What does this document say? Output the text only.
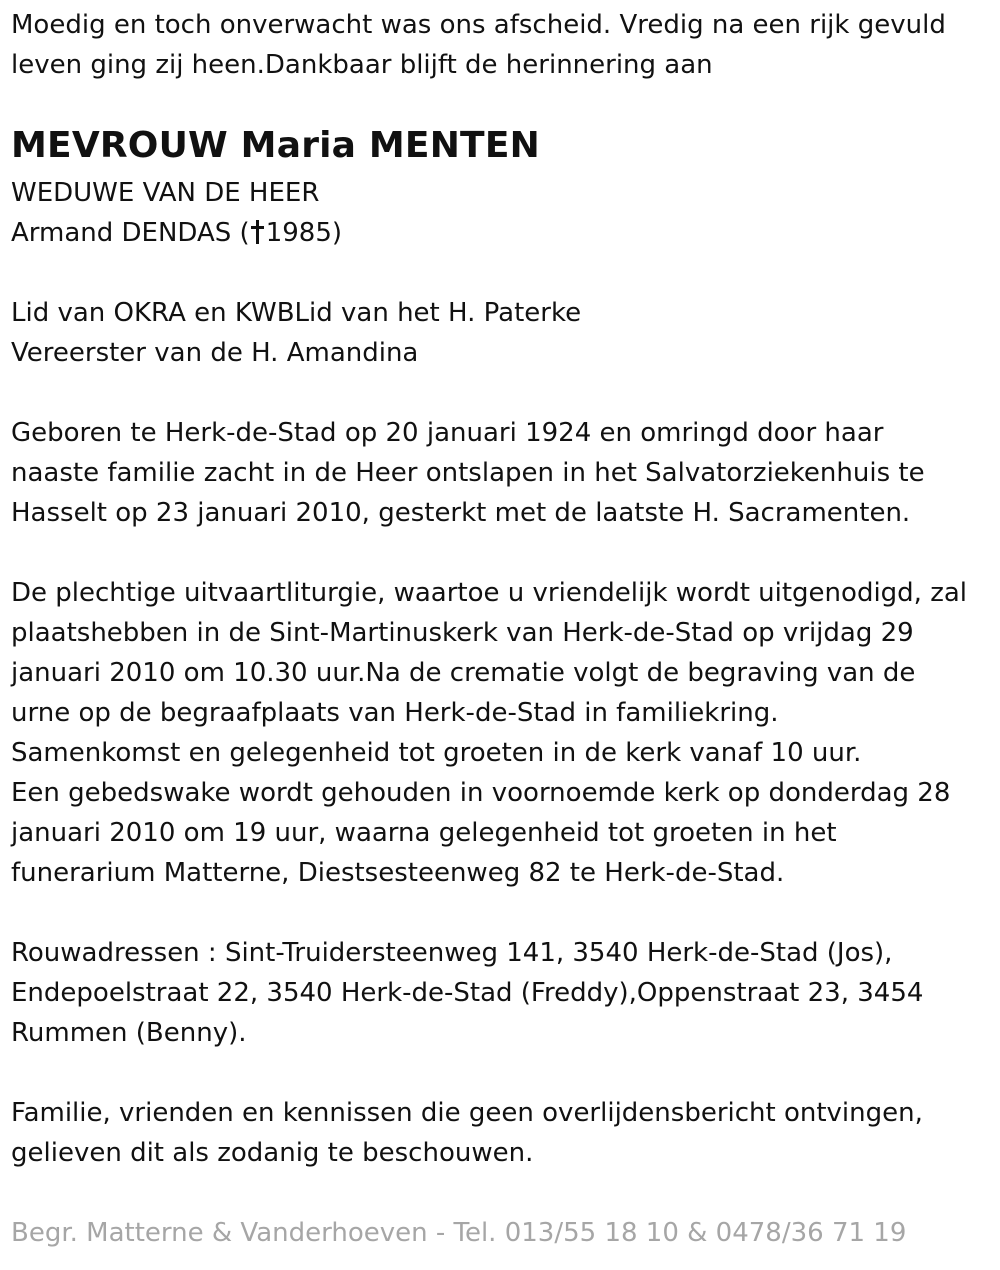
Moedig en toch onverwacht was ons afscheid. Vredig na een rijk gevuld
leven ging zij heen.Dankbaar blijft de herinnering aan
MEVROUW Maria MENTEN
WEDUWE VAN DE HEER
Armand DENDAS ( 1985)
Lid van OKRA en KWBLid van het H. Paterke
Vereerster van de H. Amandina
Geboren te Herk-de-Stad op 20 januari 1924 en omringd door haar
naaste familie zacht in de Heer ontslapen in het Salvatorziekenhuis te
Hasselt op 23 januari 2010, gesterkt met de laatste H. Sacramenten.
De plechtige uitvaartliturgie, waartoe u vriendelijk wordt uitgenodigd, zal
plaatshebben in de Sint-Martinuskerk van Herk-de-Stad op vrijdag 29
januari 2010 om 10.30 uur.Na de crematie volgt de begraving van de
urne op de begraafplaats van Herk-de-Stad in familiekring.
Samenkomst en gelegenheid tot groeten in de kerk vanaf 10 uur.
Een gebedswake wordt gehouden in voornoemde kerk op donderdag 28
januari 2010 om 19 uur, waarna gelegenheid tot groeten in het
funerarium Matterne, Diestsesteenweg 82 te Herk-de-Stad.
Rouwadressen : Sint-Truidersteenweg 141, 3540 Herk-de-Stad (Jos),
Endepoelstraat 22, 3540 Herk-de-Stad (Freddy),Oppenstraat 23, 3454
Rummen (Benny).
Familie, vrienden en kennissen die geen overlijdensbericht ontvingen,
gelieven dit als zodanig te beschouwen.
Begr. Matterne & Vanderhoeven - Tel. 013/55 18 10 & 0478/36 71 19
